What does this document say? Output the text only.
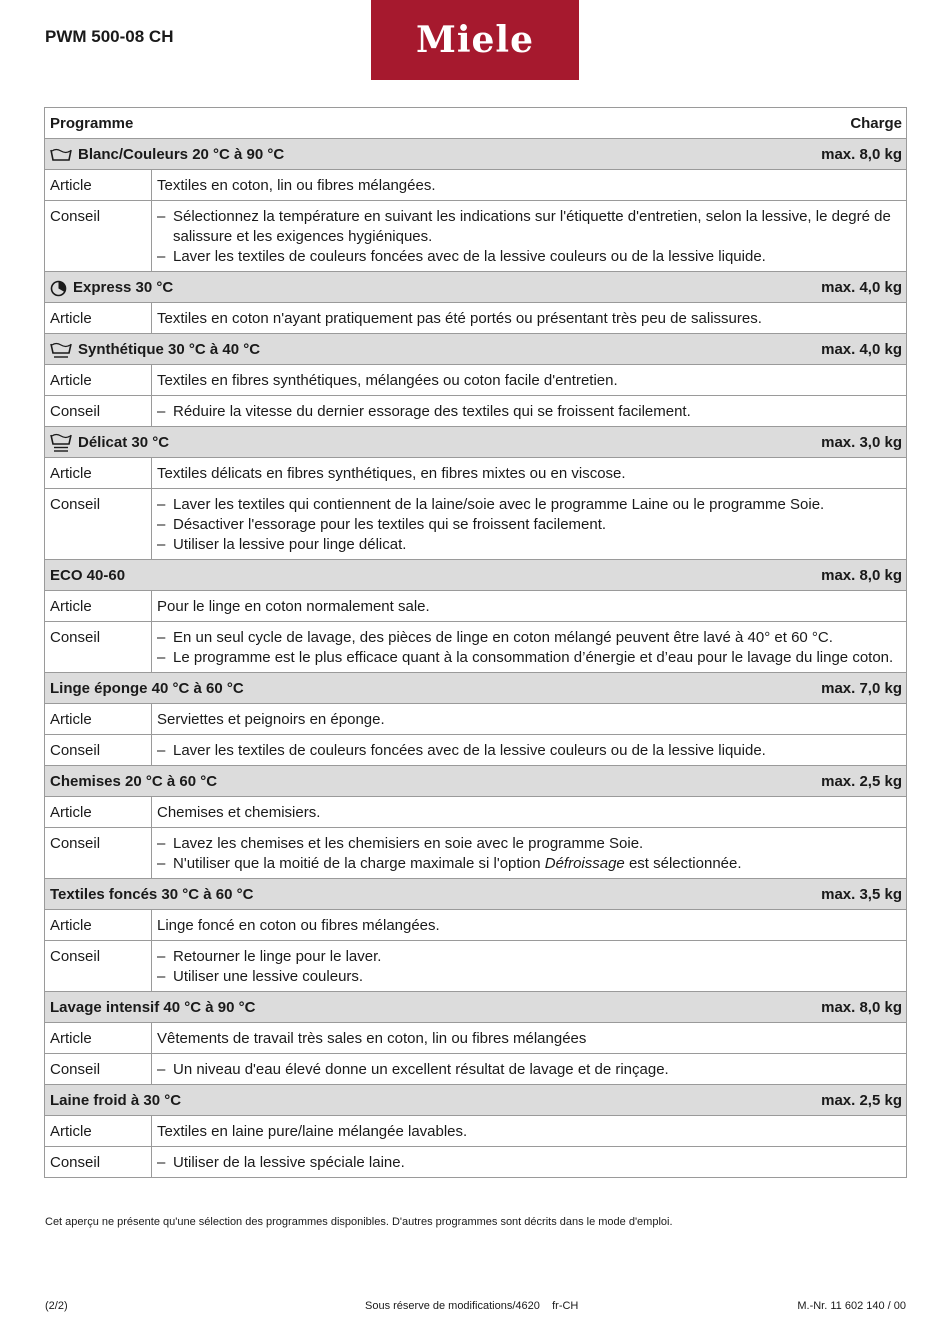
PWM 500-08 CH	Miele
Programme	Charge
Blanc/Couleurs 20 °C à 90 °C	max. 8,0 kg
Article	Textiles en coton, lin ou fibres mélangées.
Conseil	– Sélectionnez la température en suivant les indications sur l'étiquette d'entretien, selon la lessive, le degré de salissure et les exigences hygiéniques.
– Laver les textiles de couleurs foncées avec de la lessive couleurs ou de la lessive liquide.
Express 30 °C	max. 4,0 kg
Article	Textiles en coton n'ayant pratiquement pas été portés ou présentant très peu de salissures.
Synthétique 30 °C à 40 °C	max. 4,0 kg
Article	Textiles en fibres synthétiques, mélangées ou coton facile d'entretien.
Conseil	– Réduire la vitesse du dernier essorage des textiles qui se froissent facilement.
Délicat 30 °C	max. 3,0 kg
Article	Textiles délicats en fibres synthétiques, en fibres mixtes ou en viscose.
Conseil	– Laver les textiles qui contiennent de la laine/soie avec le programme Laine ou le programme Soie.
– Désactiver l'essorage pour les textiles qui se froissent facilement.
– Utiliser la lessive pour linge délicat.
ECO 40-60	max. 8,0 kg
Article	Pour le linge en coton normalement sale.
Conseil	– En un seul cycle de lavage, des pièces de linge en coton mélangé peuvent être lavé à 40° et 60 °C.
– Le programme est le plus efficace quant à la consommation d’énergie et d’eau pour le lavage du linge coton.
Linge éponge 40 °C à 60 °C	max. 7,0 kg
Article	Serviettes et peignoirs en éponge.
Conseil	– Laver les textiles de couleurs foncées avec de la lessive couleurs ou de la lessive liquide.
Chemises 20 °C à 60 °C	max. 2,5 kg
Article	Chemises et chemisiers.
Conseil	– Lavez les chemises et les chemisiers en soie avec le programme Soie.
– N'utiliser que la moitié de la charge maximale si l'option Défroissage est sélectionnée.
Textiles foncés 30 °C à 60 °C	max. 3,5 kg
Article	Linge foncé en coton ou fibres mélangées.
Conseil	– Retourner le linge pour le laver.
– Utiliser une lessive couleurs.
Lavage intensif 40 °C à 90 °C	max. 8,0 kg
Article	Vêtements de travail très sales en coton, lin ou fibres mélangées
Conseil	– Un niveau d'eau élevé donne un excellent résultat de lavage et de rinçage.
Laine froid à 30 °C	max. 2,5 kg
Article	Textiles en laine pure/laine mélangée lavables.
Conseil	– Utiliser de la lessive spéciale laine.
Cet aperçu ne présente qu'une sélection des programmes disponibles. D'autres programmes sont décrits dans le mode d'emploi.
(2/2)	Sous réserve de modifications/4620    fr-CH	M.-Nr. 11 602 140 / 00
